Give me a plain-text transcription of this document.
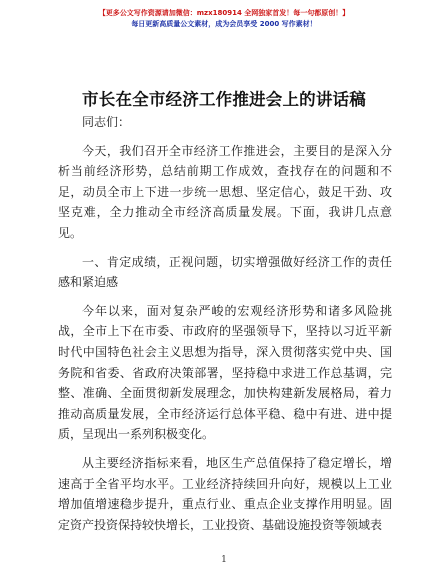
【更多公文写作资源请加微信：mzx180914 全网独家首发！每一句都原创！】
每日更新高质量公文素材，成为会员享受 2000 写作素材！
市长在全市经济工作推进会上的讲话稿

同志们：

今天，我们召开全市经济工作推进会，主要目的是深入分析当前经济形势，总结前期工作成效，查找存在的问题和不足，动员全市上下进一步统一思想、坚定信心，鼓足干劲、攻坚克难，全力推动全市经济高质量发展。下面，我讲几点意见。

一、肯定成绩，正视问题，切实增强做好经济工作的责任感和紧迫感

今年以来，面对复杂严峻的宏观经济形势和诸多风险挑战，全市上下在市委、市政府的坚强领导下，坚持以习近平新时代中国特色社会主义思想为指导，深入贯彻落实党中央、国务院和省委、省政府决策部署，坚持稳中求进工作总基调，完整、准确、全面贯彻新发展理念，加快构建新发展格局，着力推动高质量发展，全市经济运行总体平稳、稳中有进、进中提质，呈现出一系列积极变化。

从主要经济指标来看，地区生产总值保持了稳定增长，增速高于全省平均水平。工业经济持续回升向好，规模以上工业增加值增速稳步提升，重点行业、重点企业支撑作用明显。固定资产投资保持较快增长，工业投资、基础设施投资等领域表

1
